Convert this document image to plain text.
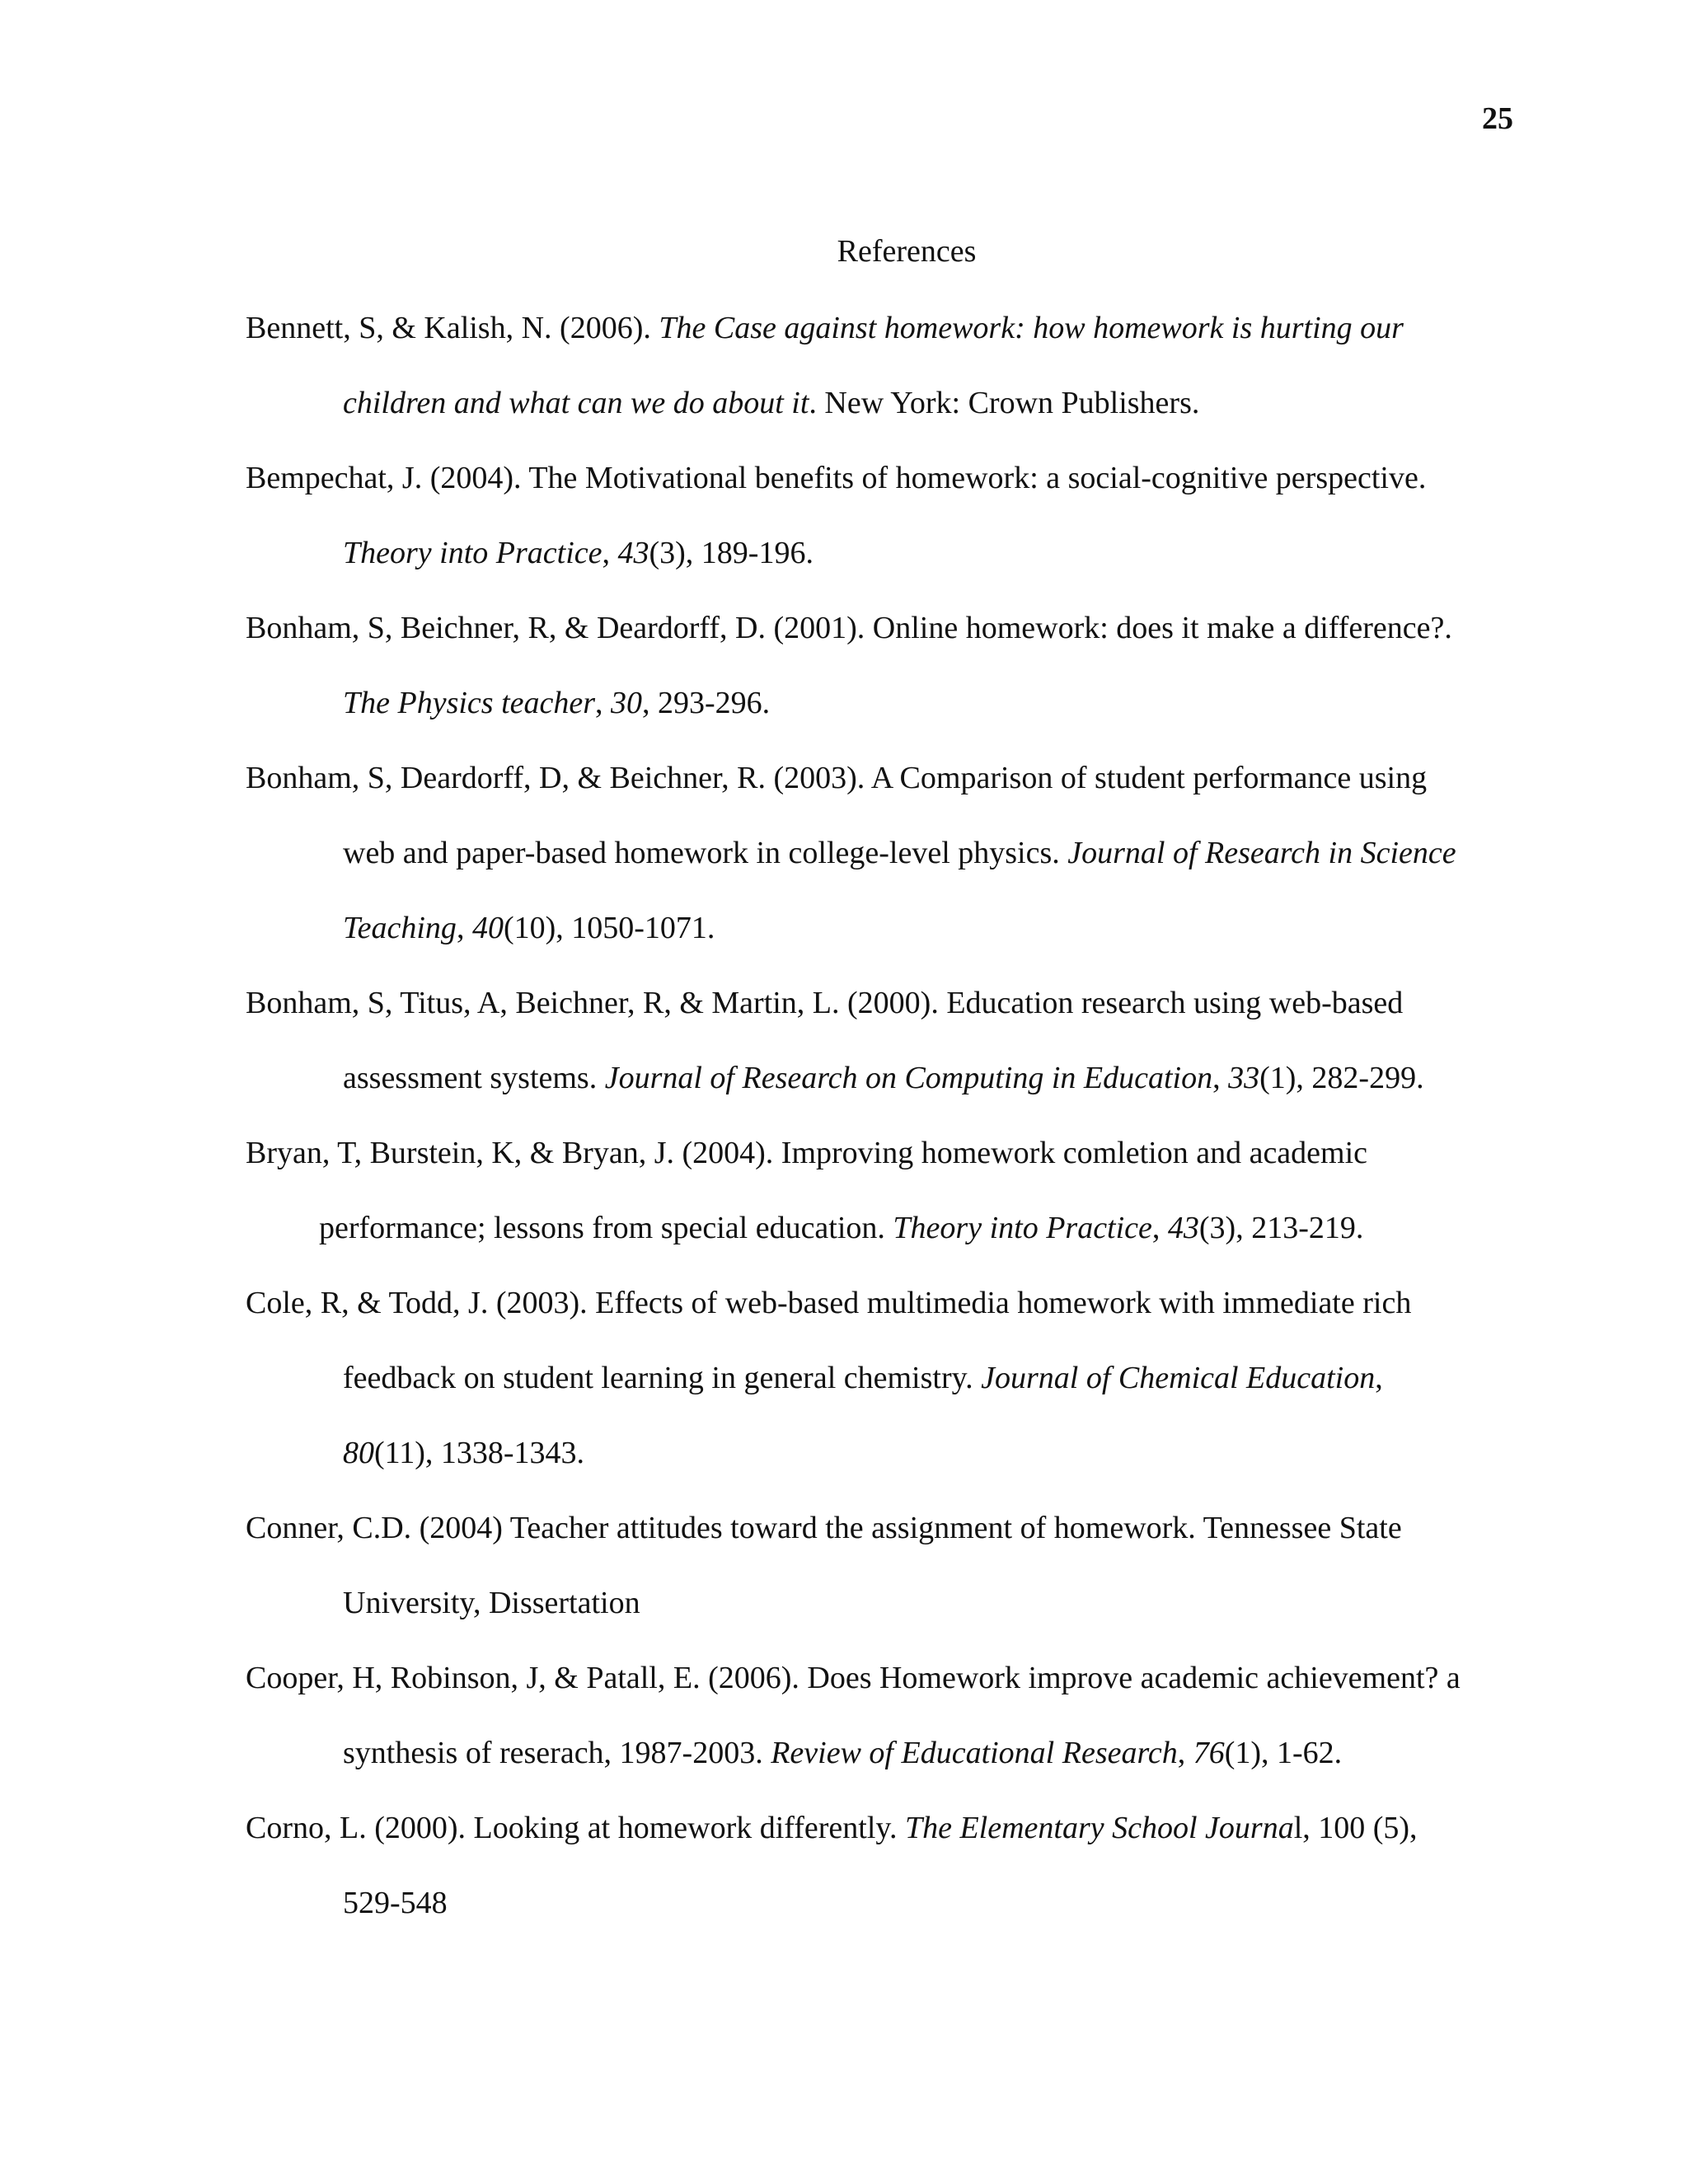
25
References
Bennett, S, & Kalish, N. (2006). The Case against homework: how homework is hurting our
children and what can we do about it. New York: Crown Publishers.
Bempechat, J. (2004). The Motivational benefits of homework: a social-cognitive perspective.
Theory into Practice, 43(3), 189-196.
Bonham, S, Beichner, R, & Deardorff, D. (2001). Online homework: does it make a difference?.
The Physics teacher, 30, 293-296.
Bonham, S, Deardorff, D, & Beichner, R. (2003). A Comparison of student performance using
web and paper-based homework in college-level physics. Journal of Research in Science
Teaching, 40(10), 1050-1071.
Bonham, S, Titus, A, Beichner, R, & Martin, L. (2000). Education research using web-based
assessment systems. Journal of Research on Computing in Education, 33(1), 282-299.
Bryan, T, Burstein, K, & Bryan, J. (2004). Improving homework comletion and academic
performance; lessons from special education. Theory into Practice, 43(3), 213-219.
Cole, R, & Todd, J. (2003). Effects of web-based multimedia homework with immediate rich
feedback on student learning in general chemistry. Journal of Chemical Education,
80(11), 1338-1343.
Conner, C.D. (2004) Teacher attitudes toward the assignment of homework. Tennessee State
University, Dissertation
Cooper, H, Robinson, J, & Patall, E. (2006). Does Homework improve academic achievement? a
synthesis of reserach, 1987-2003. Review of Educational Research, 76(1), 1-62.
Corno, L. (2000). Looking at homework differently. The Elementary School Journal, 100 (5),
529-548
